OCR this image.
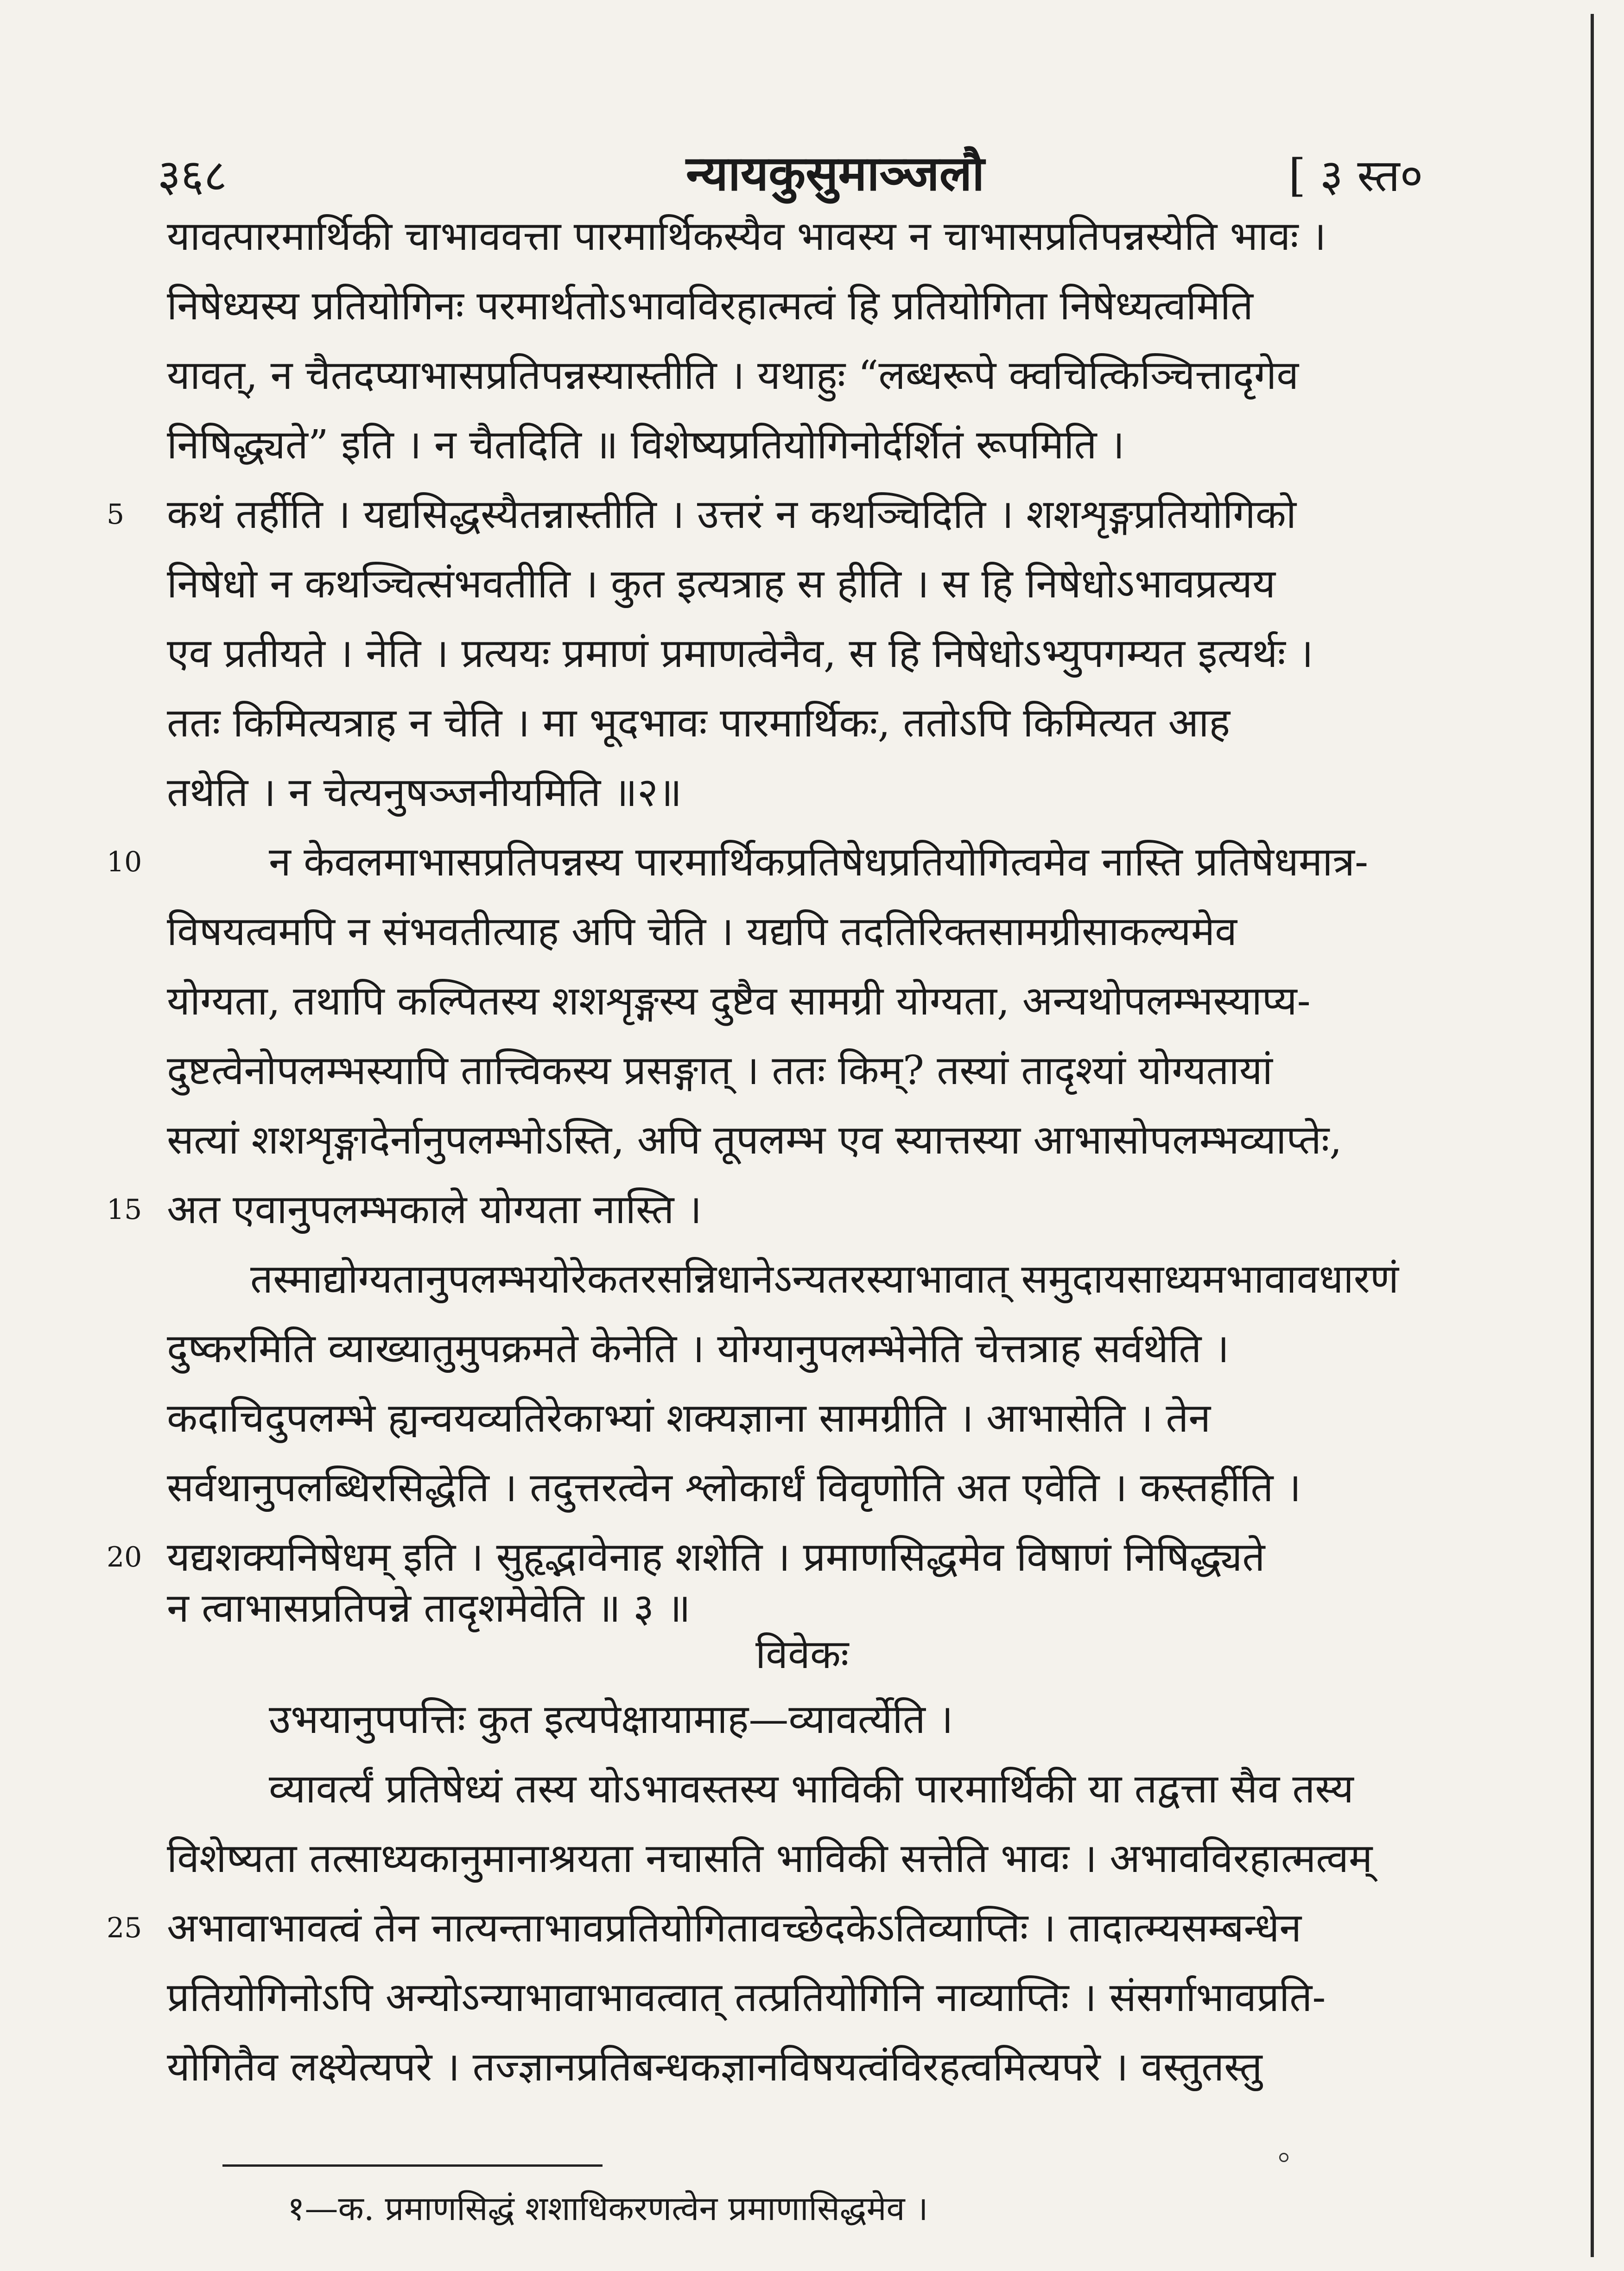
३६८	न्यायकुसुमाञ्जलौ	[ ३ स्त०
यावत्पारमार्थिकी चाभाववत्ता पारमार्थिकस्यैव भावस्य न चाभासप्रतिपन्नस्येति भावः ।
निषेध्यस्य प्रतियोगिनः परमार्थतोऽभावविरहात्मत्वं हि प्रतियोगिता निषेध्यत्वमिति
यावत्, न चैतदप्याभासप्रतिपन्नस्यास्तीति । यथाहुः “लब्धरूपे क्वचित्किञ्चित्तादृगेव
निषिद्ध्यते” इति । न चैतदिति ॥ विशेष्यप्रतियोगिनोर्दर्शितं रूपमिति ।
कथं तर्हीति । यद्यसिद्धस्यैतन्नास्तीति । उत्तरं न कथञ्चिदिति । शशशृङ्गप्रतियोगिको
निषेधो न कथञ्चित्संभवतीति । कुत इत्यत्राह स हीति । स हि निषेधोऽभावप्रत्यय
एव प्रतीयते । नेति । प्रत्ययः प्रमाणं प्रमाणत्वेनैव, स हि निषेधोऽभ्युपगम्यत इत्यर्थः ।
ततः किमित्यत्राह न चेति । मा भूदभावः पारमार्थिकः, ततोऽपि किमित्यत आह
तथेति । न चेत्यनुषञ्जनीयमिति ॥२॥
न केवलमाभासप्रतिपन्नस्य पारमार्थिकप्रतिषेधप्रतियोगित्वमेव नास्ति प्रतिषेधमात्र-
विषयत्वमपि न संभवतीत्याह अपि चेति । यद्यपि तदतिरिक्तसामग्रीसाकल्यमेव
योग्यता, तथापि कल्पितस्य शशशृङ्गस्य दुष्टैव सामग्री योग्यता, अन्यथोपलम्भस्याप्य-
दुष्टत्वेनोपलम्भस्यापि तात्त्विकस्य प्रसङ्गात् । ततः किम्? तस्यां तादृश्यां योग्यतायां
सत्यां शशशृङ्गादेर्नानुपलम्भोऽस्ति, अपि तूपलम्भ एव स्यात्तस्या आभासोपलम्भव्याप्तेः,
अत एवानुपलम्भकाले योग्यता नास्ति ।
तस्माद्योग्यतानुपलम्भयोरेकतरसन्निधानेऽन्यतरस्याभावात् समुदायसाध्यमभावावधारणं
दुष्करमिति व्याख्यातुमुपक्रमते केनेति । योग्यानुपलम्भेनेति चेत्तत्राह सर्वथेति ।
कदाचिदुपलम्भे ह्यन्वयव्यतिरेकाभ्यां शक्यज्ञाना सामग्रीति । आभासेति । तेन
सर्वथानुपलब्धिरसिद्धेति । तदुत्तरत्वेन श्लोकार्धं विवृणोति अत एवेति । कस्तर्हीति ।
यद्यशक्यनिषेधम् इति । सुहृद्भावेनाह शशेति । प्रमाणसिद्धमेव विषाणं निषिद्ध्यते
न त्वाभासप्रतिपन्ने तादृशमेवेति ॥ ३ ॥
विवेकः
उभयानुपपत्तिः कुत इत्यपेक्षायामाह—व्यावर्त्येति ।
व्यावर्त्यं प्रतिषेध्यं तस्य योऽभावस्तस्य भाविकी पारमार्थिकी या तद्वत्ता सैव तस्य
विशेष्यता तत्साध्यकानुमानाश्रयता नचासति भाविकी सत्तेति भावः । अभावविरहात्मत्वम्
अभावाभावत्वं तेन नात्यन्ताभावप्रतियोगितावच्छेदकेऽतिव्याप्तिः । तादात्म्यसम्बन्धेन
प्रतियोगिनोऽपि अन्योऽन्याभावाभावत्वात् तत्प्रतियोगिनि नाव्याप्तिः । संसर्गाभावप्रति-
योगितैव लक्ष्येत्यपरे । तज्ज्ञानप्रतिबन्धकज्ञानविषयत्वंविरहत्वमित्यपरे । वस्तुतस्तु
5
10
15
20
25
१—क. प्रमाणसिद्धं शशाधिकरणत्वेन प्रमाणासिद्धमेव ।
